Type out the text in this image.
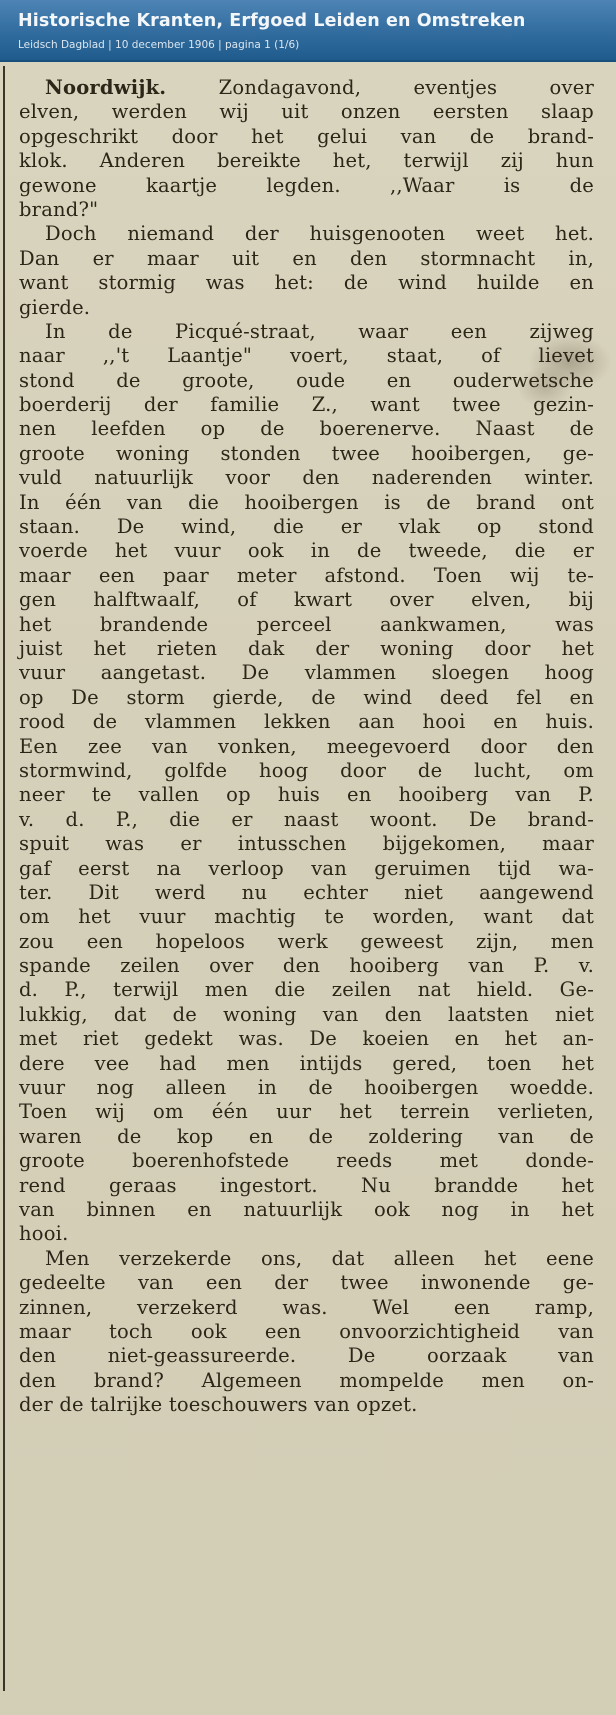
Historische Kranten, Erfgoed Leiden en Omstreken
Leidsch Dagblad | 10 december 1906 | pagina 1 (1/6)
Noordwijk.	Zondagavond, eventjes over
elven, werden wij uit onzen eersten slaap
opgeschrikt door het gelui van de brand-
klok. Anderen bereikte het, terwijl zij hun
gewone kaartje legden. ,,Waar is de
brand?"
Doch niemand der huisgenooten weet het.
Dan er maar uit en den stormnacht in,
want stormig was het: de wind huilde en
gierde.
In de Picqué-straat, waar een zijweg
naar ,,'t Laantje" voert, staat, of lievet
stond de groote, oude en ouderwetsche
boerderij der familie Z., want twee gezin-
nen leefden op de boerenerve. Naast de
groote woning stonden twee hooibergen, ge-
vuld natuurlijk voor den naderenden winter.
In één van die hooibergen is de brand ont
staan. De wind, die er vlak op stond
voerde het vuur ook in de tweede, die er
maar een paar meter afstond. Toen wij te-
gen halftwaalf, of kwart over elven, bij
het brandende perceel aankwamen, was
juist het rieten dak der woning door het
vuur aangetast. De vlammen sloegen hoog
op De storm gierde, de wind deed fel en
rood de vlammen lekken aan hooi en huis.
Een zee van vonken, meegevoerd door den
stormwind, golfde hoog door de lucht, om
neer te vallen op huis en hooiberg van P.
v. d. P., die er naast woont. De brand-
spuit was er intusschen bijgekomen, maar
gaf eerst na verloop van geruimen tijd wa-
ter. Dit werd nu echter niet aangewend
om het vuur machtig te worden, want dat
zou een hopeloos werk geweest zijn, men
spande zeilen over den hooiberg van P. v.
d. P., terwijl men die zeilen nat hield. Ge-
lukkig, dat de woning van den laatsten niet
met riet gedekt was. De koeien en het an-
dere vee had men intijds gered, toen het
vuur nog alleen in de hooibergen woedde.
Toen wij om één uur het terrein verlieten,
waren de kop en de zoldering van de
groote boerenhofstede reeds met donde-
rend geraas ingestort. Nu brandde het
van binnen en natuurlijk ook nog in het
hooi.
Men verzekerde ons, dat alleen het eene
gedeelte van een der twee inwonende ge-
zinnen, verzekerd was. Wel een ramp,
maar toch ook een onvoorzichtigheid van
den niet-geassureerde. De oorzaak van
den brand? Algemeen mompelde men on-
der de talrijke toeschouwers van opzet.
